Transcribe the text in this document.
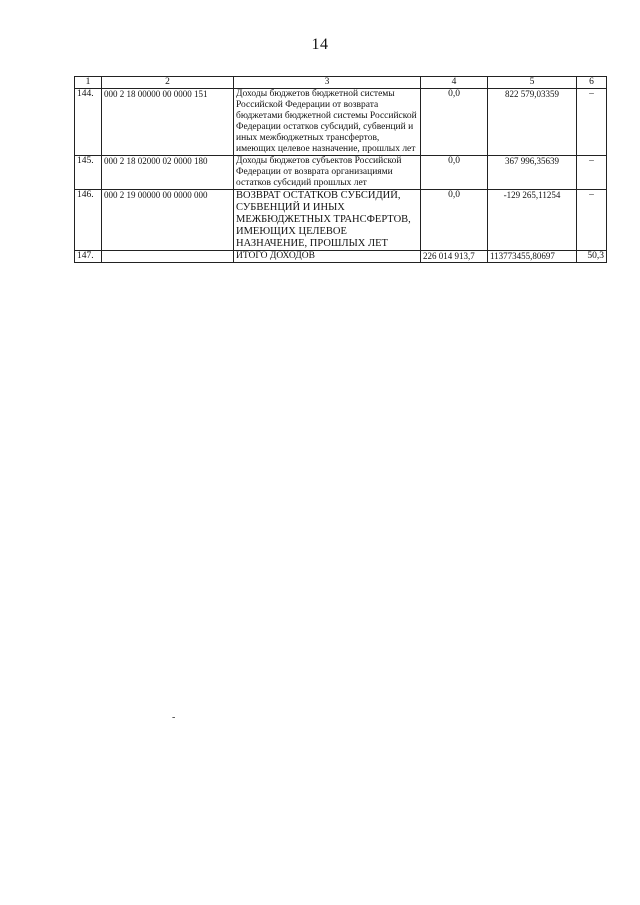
14
1	2	3	4	5	6
144.	000 2 18 00000 00 0000 151	Доходы бюджетов бюджетной системы Российской Федерации от возврата бюджетами бюджетной системы Российской Федерации остатков субсидий, субвенций и иных межбюджетных трансфертов, имеющих целевое назначение, прошлых лет	0,0	822 579,03359	–
145.	000 2 18 02000 02 0000 180	Доходы бюджетов субъектов Российской Федерации от возврата организациями остатков субсидий прошлых лет	0,0	367 996,35639	–
146.	000 2 19 00000 00 0000 000	ВОЗВРАТ ОСТАТКОВ СУБСИДИЙ, СУБВЕНЦИЙ И ИНЫХ МЕЖБЮДЖЕТНЫХ ТРАНСФЕРТОВ, ИМЕЮЩИХ ЦЕЛЕВОЕ НАЗНАЧЕНИЕ, ПРОШЛЫХ ЛЕТ	0,0	-129 265,11254	–
147.		ИТОГО ДОХОДОВ	226 014 913,7	113773455,80697	50,3
-
